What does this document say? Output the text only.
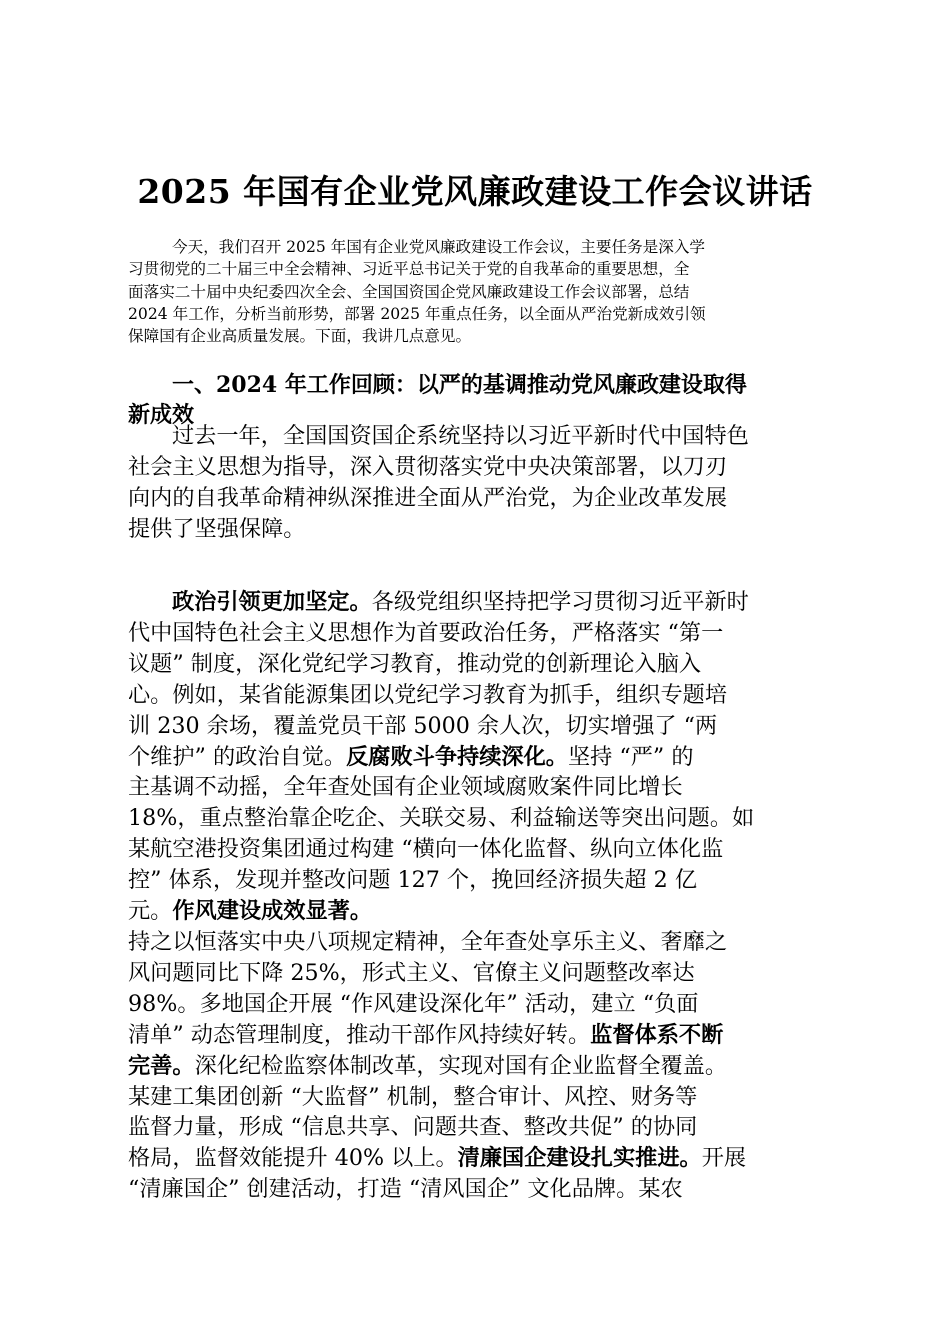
2025 年国有企业党风廉政建设工作会议讲话
今天，我们召开 2025 年国有企业党风廉政建设工作会议，主要任务是深入学
习贯彻党的二十届三中全会精神、习近平总书记关于党的自我革命的重要思想，全
面落实二十届中央纪委四次全会、全国国资国企党风廉政建设工作会议部署，总结
2024 年工作，分析当前形势，部署 2025 年重点任务，以全面从严治党新成效引领
保障国有企业高质量发展。下面，我讲几点意见。
一、2024 年工作回顾：以严的基调推动党风廉政建设取得
新成效
过去一年，全国国资国企系统坚持以习近平新时代中国特色
社会主义思想为指导，深入贯彻落实党中央决策部署，以刀刃
向内的自我革命精神纵深推进全面从严治党，为企业改革发展
提供了坚强保障。
政治引领更加坚定。各级党组织坚持把学习贯彻习近平新时
代中国特色社会主义思想作为首要政治任务，严格落实 “第一
议题” 制度，深化党纪学习教育，推动党的创新理论入脑入
心。例如，某省能源集团以党纪学习教育为抓手，组织专题培
训 230 余场，覆盖党员干部 5000 余人次，切实增强了 “两
个维护” 的政治自觉。反腐败斗争持续深化。坚持 “严” 的
主基调不动摇，全年查处国有企业领域腐败案件同比增长
18%，重点整治靠企吃企、关联交易、利益输送等突出问题。如
某航空港投资集团通过构建 “横向一体化监督、纵向立体化监
控” 体系，发现并整改问题 127 个，挽回经济损失超 2 亿
元。作风建设成效显著。
持之以恒落实中央八项规定精神，全年查处享乐主义、奢靡之
风问题同比下降 25%，形式主义、官僚主义问题整改率达
98%。多地国企开展 “作风建设深化年” 活动，建立 “负面
清单” 动态管理制度，推动干部作风持续好转。监督体系不断
完善。深化纪检监察体制改革，实现对国有企业监督全覆盖。
某建工集团创新 “大监督” 机制，整合审计、风控、财务等
监督力量，形成 “信息共享、问题共查、整改共促” 的协同
格局，监督效能提升 40% 以上。清廉国企建设扎实推进。开展
“清廉国企” 创建活动，打造 “清风国企” 文化品牌。某农
